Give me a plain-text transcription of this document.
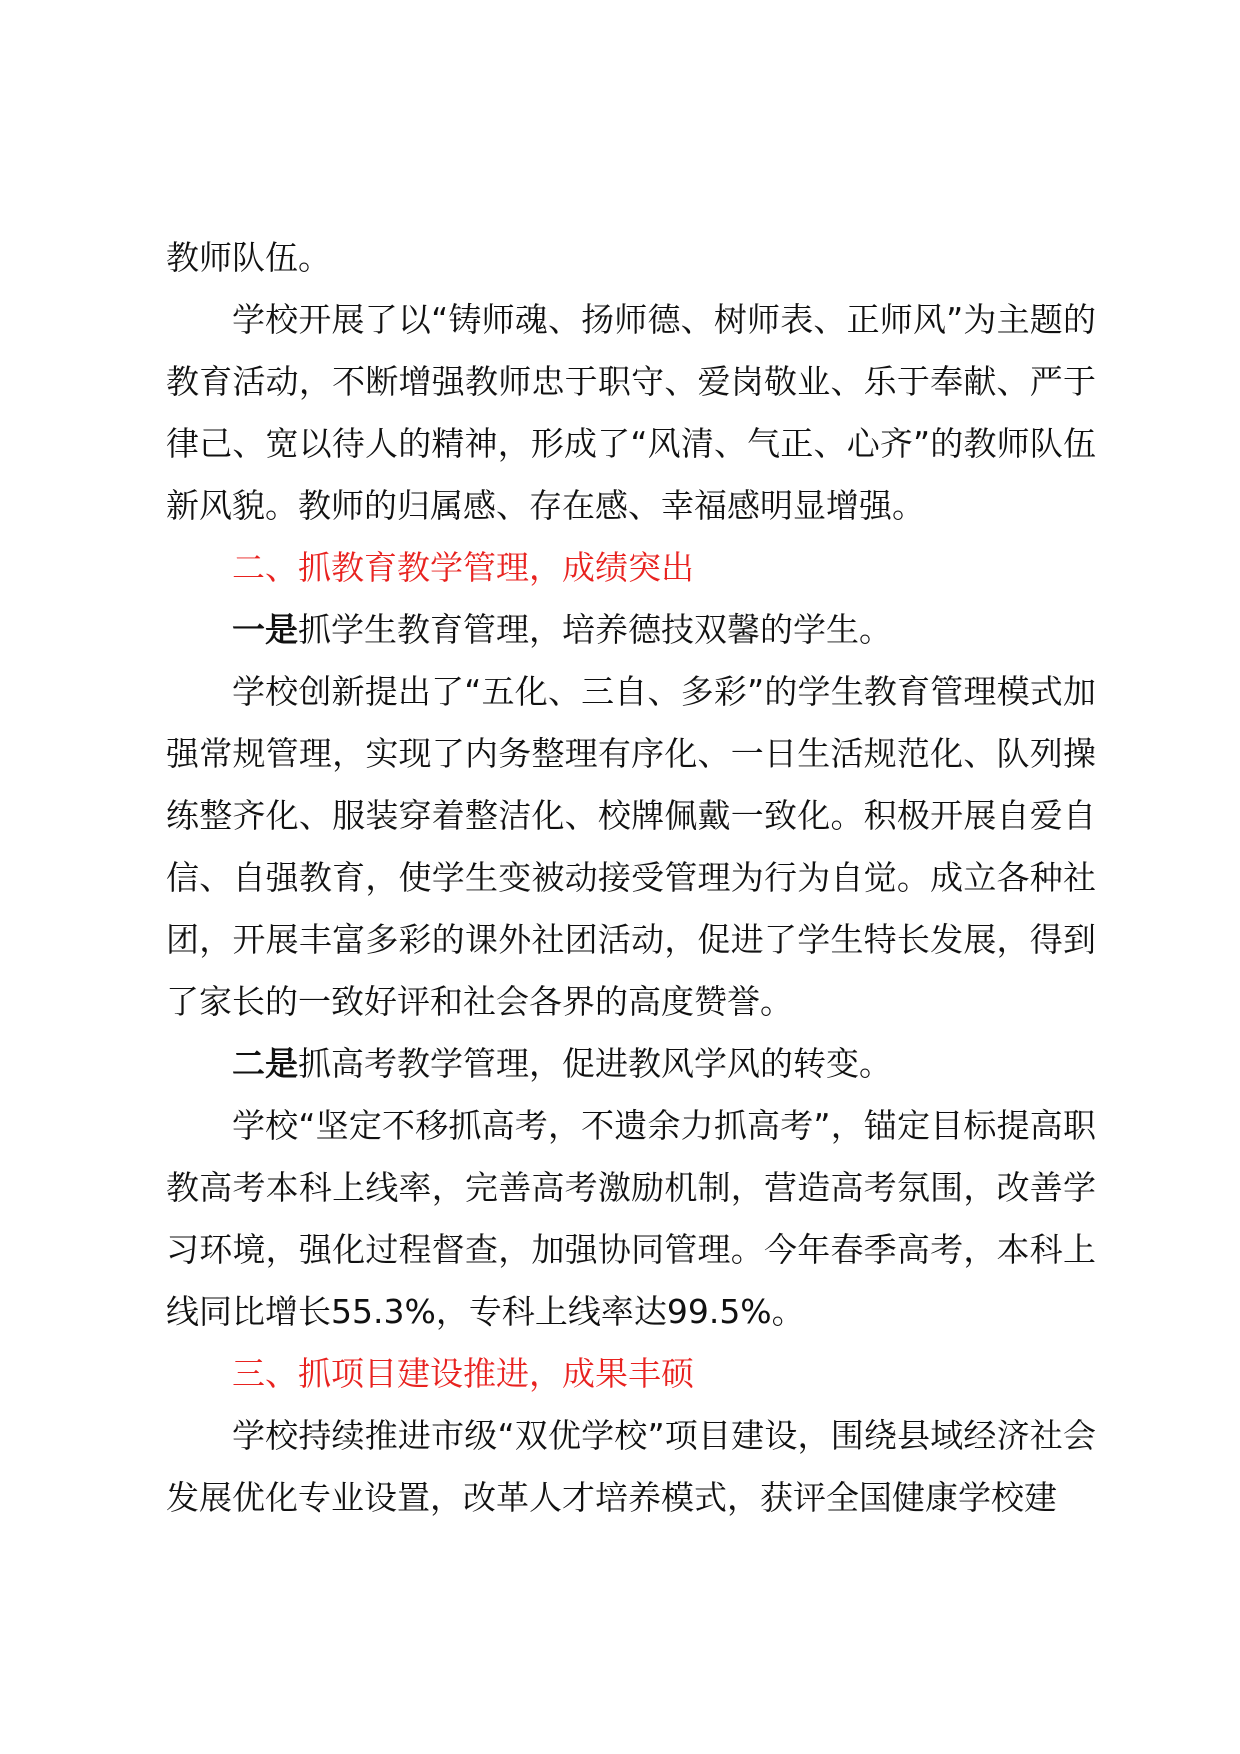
教师队伍。

学校开展了以“铸师魂、扬师德、树师表、正师风”为主题的教育活动，不断增强教师忠于职守、爱岗敬业、乐于奉献、严于律己、宽以待人的精神，形成了“风清、气正、心齐”的教师队伍新风貌。教师的归属感、存在感、幸福感明显增强。

二、抓教育教学管理，成绩突出

一是抓学生教育管理，培养德技双馨的学生。

学校创新提出了“五化、三自、多彩”的学生教育管理模式加强常规管理，实现了内务整理有序化、一日生活规范化、队列操练整齐化、服装穿着整洁化、校牌佩戴一致化。积极开展自爱自信、自强教育，使学生变被动接受管理为行为自觉。成立各种社团，开展丰富多彩的课外社团活动，促进了学生特长发展，得到了家长的一致好评和社会各界的高度赞誉。

二是抓高考教学管理，促进教风学风的转变。

学校“坚定不移抓高考，不遗余力抓高考”，锚定目标提高职教高考本科上线率，完善高考激励机制，营造高考氛围，改善学习环境，强化过程督查，加强协同管理。今年春季高考，本科上线同比增长55.3%，专科上线率达99.5%。

三、抓项目建设推进，成果丰硕

学校持续推进市级“双优学校”项目建设，围绕县域经济社会发展优化专业设置，改革人才培养模式，获评全国健康学校建
